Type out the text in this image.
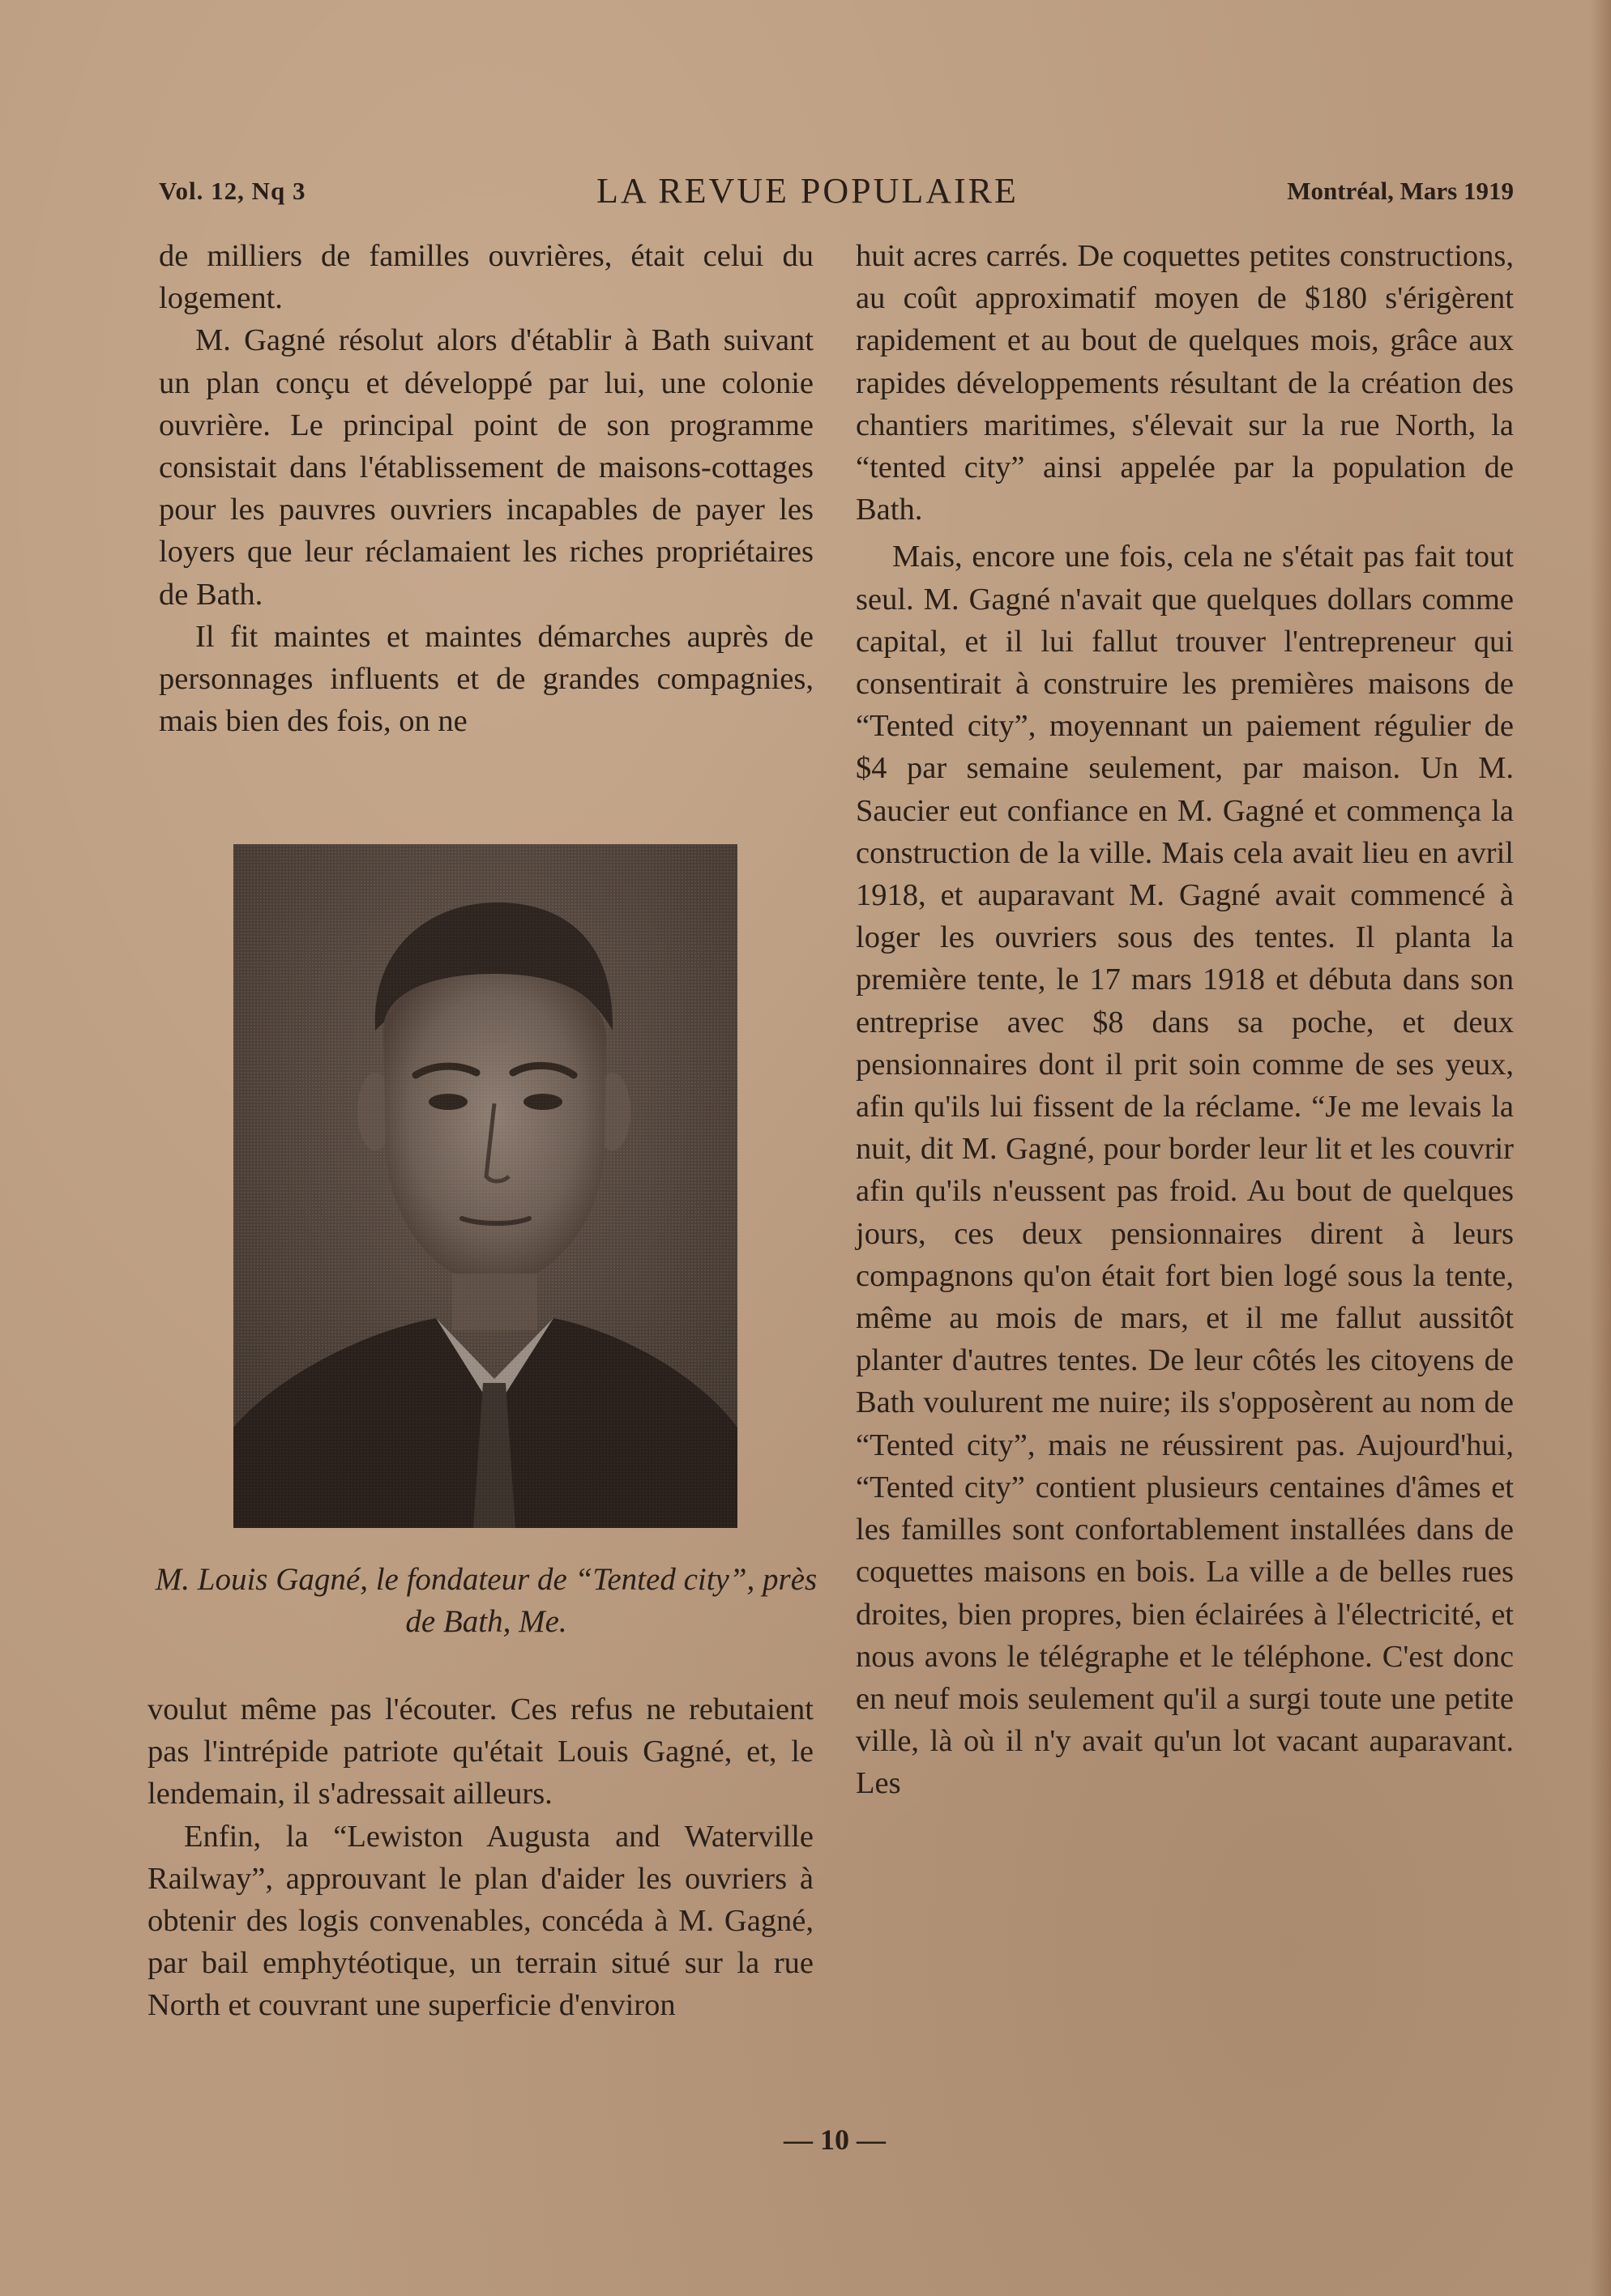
Vol. 12, Nq 3	LA REVUE POPULAIRE	Montréal, Mars 1919

de milliers de familles ouvrières, était celui du logement.

M. Gagné résolut alors d'établir à Bath suivant un plan conçu et développé par lui, une colonie ouvrière. Le principal point de son programme consistait dans l'établissement de maisons-cottages pour les pauvres ouvriers incapables de payer les loyers que leur réclamaient les riches propriétaires de Bath.

Il fit maintes et maintes démarches auprès de personnages influents et de grandes compagnies, mais bien des fois, on ne

M. Louis Gagné, le fondateur de “Tented city”, près de Bath, Me.

voulut même pas l'écouter. Ces refus ne rebutaient pas l'intrépide patriote qu'était Louis Gagné, et, le lendemain, il s'adressait ailleurs.

Enfin, la “Lewiston Augusta and Waterville Railway”, approuvant le plan d'aider les ouvriers à obtenir des logis convenables, concéda à M. Gagné, par bail emphytéotique, un terrain situé sur la rue North et couvrant une superficie d'environ

huit acres carrés. De coquettes petites constructions, au coût approximatif moyen de $180 s'érigèrent rapidement et au bout de quelques mois, grâce aux rapides développements résultant de la création des chantiers maritimes, s'élevait sur la rue North, la “tented city” ainsi appelée par la population de Bath.

Mais, encore une fois, cela ne s'était pas fait tout seul. M. Gagné n'avait que quelques dollars comme capital, et il lui fallut trouver l'entrepreneur qui consentirait à construire les premières maisons de “Tented city”, moyennant un paiement régulier de $4 par semaine seulement, par maison. Un M. Saucier eut confiance en M. Gagné et commença la construction de la ville. Mais cela avait lieu en avril 1918, et auparavant M. Gagné avait commencé à loger les ouvriers sous des tentes. Il planta la première tente, le 17 mars 1918 et débuta dans son entreprise avec $8 dans sa poche, et deux pensionnaires dont il prit soin comme de ses yeux, afin qu'ils lui fissent de la réclame. “Je me levais la nuit, dit M. Gagné, pour border leur lit et les couvrir afin qu'ils n'eussent pas froid. Au bout de quelques jours, ces deux pensionnaires dirent à leurs compagnons qu'on était fort bien logé sous la tente, même au mois de mars, et il me fallut aussitôt planter d'autres tentes. De leur côtés les citoyens de Bath voulurent me nuire; ils s'opposèrent au nom de “Tented city”, mais ne réussirent pas. Aujourd'hui, “Tented city” contient plusieurs centaines d'âmes et les familles sont confortablement installées dans de coquettes maisons en bois. La ville a de belles rues droites, bien propres, bien éclairées à l'électricité, et nous avons le télégraphe et le téléphone. C'est donc en neuf mois seulement qu'il a surgi toute une petite ville, là où il n'y avait qu'un lot vacant auparavant. Les

— 10 —
